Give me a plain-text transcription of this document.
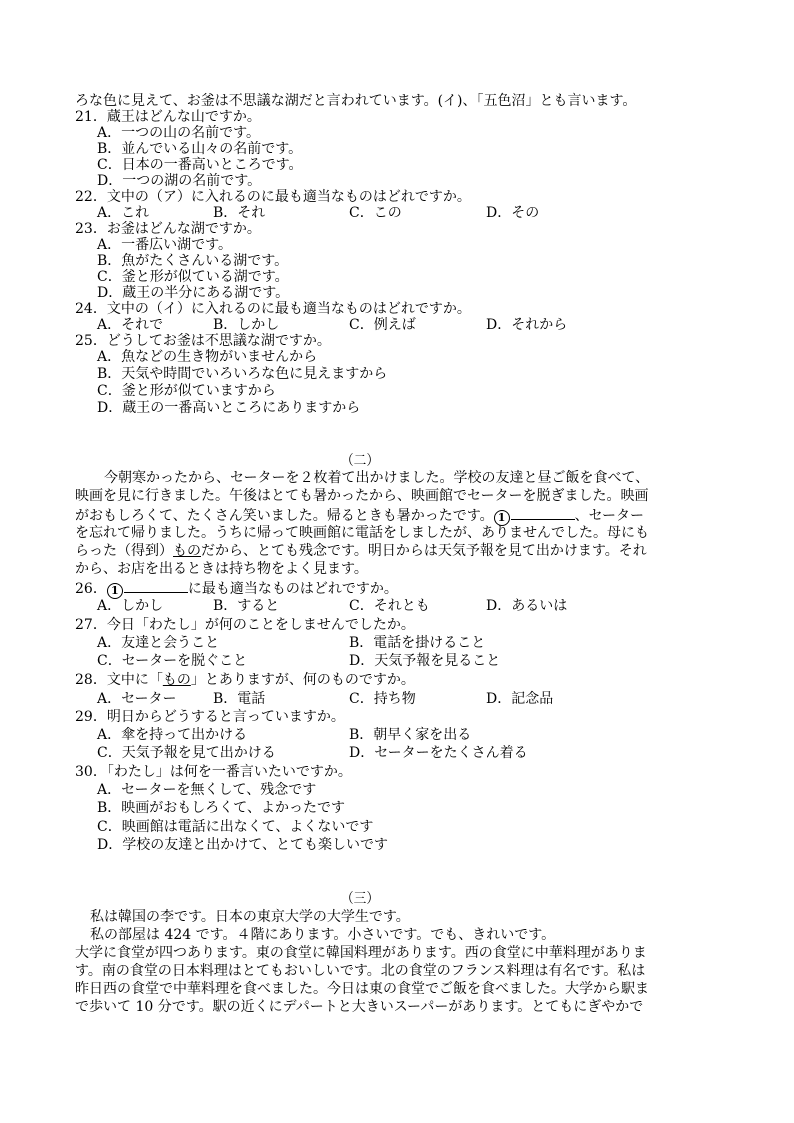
ろな色に見えて、お釜は不思議な湖だと言われています。(イ)、「五色沼」とも言います。
21．蔵王はどんな山ですか。
A．一つの山の名前です。
B．並んでいる山々の名前です。
C．日本の一番高いところです。
D．一つの湖の名前です。
22．文中の（ア）に入れるのに最も適当なものはどれですか。
A．これ	B．それ	C．この	D．その
23．お釜はどんな湖ですか。
A．一番広い湖です。
B．魚がたくさんいる湖です。
C．釜と形が似ている湖です。
D．蔵王の半分にある湖です。
24．文中の（イ）に入れるのに最も適当なものはどれですか。
A．それで	B．しかし	C．例えば	D．それから
25．どうしてお釜は不思議な湖ですか。
A．魚などの生き物がいませんから
B．天気や時間でいろいろな色に見えますから
C．釜と形が似ていますから
D．蔵王の一番高いところにありますから
（二）
今朝寒かったから、セーターを２枚着て出かけました。学校の友達と昼ご飯を食べて、
映画を見に行きました。午後はとても暑かったから、映画館でセーターを脱ぎました。映画
がおもしろくて、たくさん笑いました。帰るときも暑かったです。 1	、セーター
を忘れて帰りました。うちに帰って映画館に電話をしましたが、ありませんでした。母にも
らった（得到）ものだから、とても残念です。明日からは天気予報を見て出かけます。それ
から、お店を出るときは持ち物をよく見ます。
26． 1	に最も適当なものはどれですか。
A．しかし	B．すると	C．それとも	D．あるいは
27．今日「わたし」が何のことをしませんでしたか。
A．友達と会うこと	B．電話を掛けること
C．セーターを脱ぐこと	D．天気予報を見ること
28．文中に「もの」とありますが、何のものですか。
A．セーター	B．電話	C．持ち物	D．記念品
29．明日からどうすると言っていますか。
A．傘を持って出かける	B．朝早く家を出る
C．天気予報を見て出かける	D．セーターをたくさん着る
30．「わたし」は何を一番言いたいですか。
A．セーターを無くして、残念です
B．映画がおもしろくて、よかったです
C．映画館は電話に出なくて、よくないです
D．学校の友達と出かけて、とても楽しいです
（三）
私は韓国の李です。日本の東京大学の大学生です。
私の部屋は 424 です。４階にあります。小さいです。でも、きれいです。
大学に食堂が四つあります。東の食堂に韓国料理があります。西の食堂に中華料理がありま
す。南の食堂の日本料理はとてもおいしいです。北の食堂のフランス料理は有名です。私は
昨日西の食堂で中華料理を食べました。今日は東の食堂でご飯を食べました。大学から駅ま
で歩いて 10 分です。駅の近くにデパートと大きいスーパーがあります。とてもにぎやかで
